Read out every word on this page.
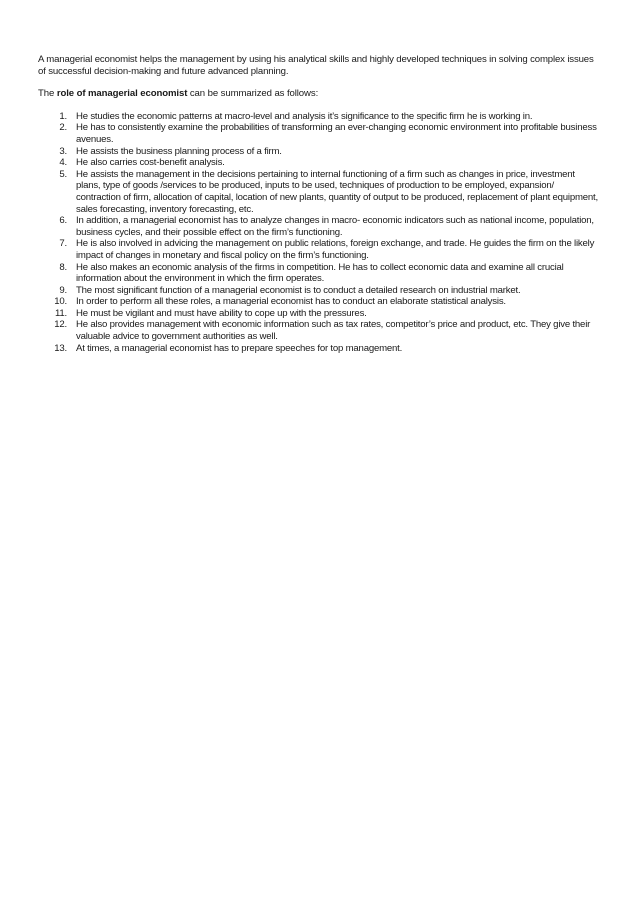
A managerial economist helps the management by using his analytical skills and highly developed techniques in solving complex issues of successful decision-making and future advanced planning.

The role of managerial economist can be summarized as follows:

1. He studies the economic patterns at macro-level and analysis it’s significance to the specific firm he is working in.
2. He has to consistently examine the probabilities of transforming an ever-changing economic environment into profitable business avenues.
3. He assists the business planning process of a firm.
4. He also carries cost-benefit analysis.
5. He assists the management in the decisions pertaining to internal functioning of a firm such as changes in price, investment plans, type of goods /services to be produced, inputs to be used, techniques of production to be employed, expansion/ contraction of firm, allocation of capital, location of new plants, quantity of output to be produced, replacement of plant equipment, sales forecasting, inventory forecasting, etc.
6. In addition, a managerial economist has to analyze changes in macro- economic indicators such as national income, population, business cycles, and their possible effect on the firm’s functioning.
7. He is also involved in advicing the management on public relations, foreign exchange, and trade. He guides the firm on the likely impact of changes in monetary and fiscal policy on the firm’s functioning.
8. He also makes an economic analysis of the firms in competition. He has to collect economic data and examine all crucial information about the environment in which the firm operates.
9. The most significant function of a managerial economist is to conduct a detailed research on industrial market.
10. In order to perform all these roles, a managerial economist has to conduct an elaborate statistical analysis.
11. He must be vigilant and must have ability to cope up with the pressures.
12. He also provides management with economic information such as tax rates, competitor’s price and product, etc. They give their valuable advice to government authorities as well.
13. At times, a managerial economist has to prepare speeches for top management.
